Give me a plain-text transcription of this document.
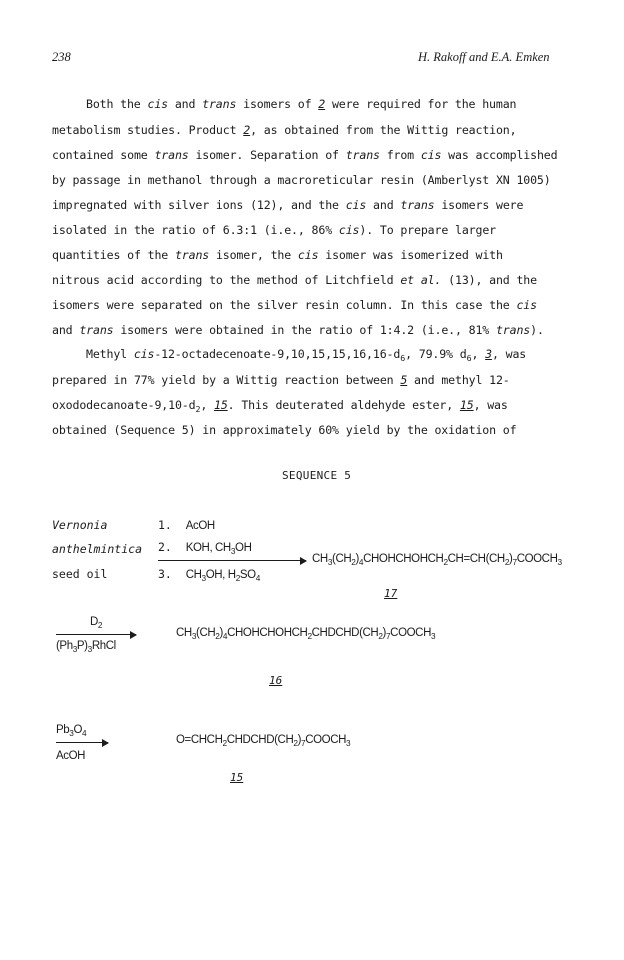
238	H. Rakoff and E.A. Emken
Both the cis and trans isomers of 2 were required for the human
metabolism studies. Product 2, as obtained from the Wittig reaction,
contained some trans isomer. Separation of trans from cis was accomplished
by passage in methanol through a macroreticular resin (Amberlyst XN 1005)
impregnated with silver ions (12), and the cis and trans isomers were
isolated in the ratio of 6.3:1 (i.e., 86% cis). To prepare larger
quantities of the trans isomer, the cis isomer was isomerized with
nitrous acid according to the method of Litchfield et al. (13), and the
isomers were separated on the silver resin column. In this case the cis
and trans isomers were obtained in the ratio of 1:4.2 (i.e., 81% trans).
Methyl cis-$12-octadecenoate-9,10,15,15,16,16-d_6$, 79.9% $d_6$, 3, was
prepared in 77% yield by a Wittig reaction between 5 and methyl 12-
oxododecanoate-$9,10-d_2$, 15. This deuterated aldehyde ester, 15, was
obtained (Sequence 5) in approximately 60% yield by the oxidation of
SEQUENCE 5
Vernonia
anthelmintica
seed oil
1. AcOH
2. KOH, $CH_3OH$
3. $CH_3OH$, $H_2SO_4$
$CH_3(CH_2)_4CHOHCHOHCH_2CH=CH(CH_2)_7COOCH_3$
17
$D_2$
$(Ph_3P)_3RhCl$
$CH_3(CH_2)_4CHOHCHOHCH_2CHDCHD(CH_2)_7COOCH_3$
16
$Pb_3O_4$
AcOH
$O=CHCH_2CHDCHD(CH_2)_7COOCH_3$
15
